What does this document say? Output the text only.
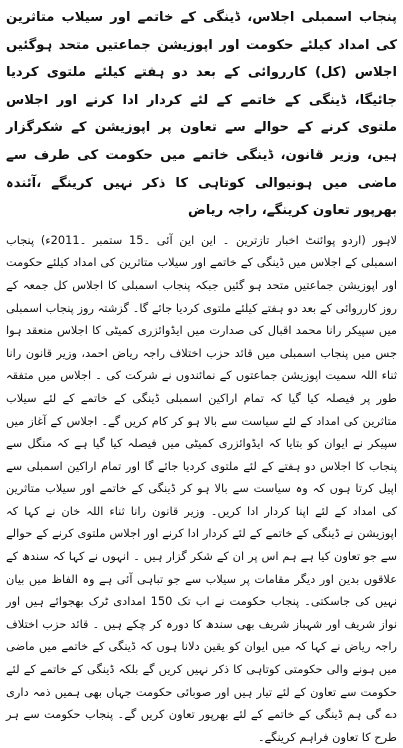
پنجاب اسمبلی اجلاس، ڈینگی کے خاتمے اور سیلاب متاثرین کی امداد کیلئے حکومت اور اپوزیشن جماعتیں متحد ہوگئیں اجلاس (کل) کارروائی کے بعد دو ہفتے کیلئے ملتوی کردیا جائیگا، ڈینگی کے خاتمے کے لئے کردار ادا کرنے اور اجلاس ملتوی کرنے کے حوالے سے تعاون پر اپوزیشن کے شکرگزار ہیں، وزیر قانون، ڈینگی خاتمے میں حکومت کی طرف سے ماضی میں ہونیوالی کوتاہی کا ذکر نہیں کرینگے ،آئندہ بھرپور تعاون کرینگے، راجہ ریاض

لاہور (اردو پوائنٹ اخبار تازترین ۔ این این آئی ۔15 ستمبر ۔2011ء) پنجاب اسمبلی کے اجلاس میں ڈینگی کے خاتمے اور سیلاب متاثرین کی امداد کیلئے حکومت اور اپوزیشن جماعتیں متحد ہو گئیں جبکہ پنجاب اسمبلی کا اجلاس کل جمعہ کے روز کارروائی کے بعد دو ہفتے کیلئے ملتوی کردیا جائے گا۔ گزشتہ روز پنجاب اسمبلی میں سپیکر رانا محمد اقبال کی صدارت میں ایڈوائزری کمیٹی کا اجلاس منعقد ہوا جس میں پنجاب اسمبلی میں قائد حزب اختلاف راجہ ریاض احمد، وزیر قانون رانا ثناء اللہ سمیت اپوزیشن جماعتوں کے نمائندوں نے شرکت کی ۔ اجلاس میں متفقہ طور پر فیصلہ کیا گیا کہ تمام اراکین اسمبلی ڈینگی کے خاتمے کے لئے سیلاب متاثرین کی امداد کے لئے سیاست سے بالا ہو کر کام کریں گے۔ اجلاس کے آغاز میں سپیکر نے ایوان کو بتایا کہ ایڈوائزری کمیٹی میں فیصلہ کیا گیا ہے کہ منگل سے پنجاب کا اجلاس دو ہفتے کے لئے ملتوی کردیا جائے گا اور تمام اراکین اسمبلی سے اپیل کرتا ہوں کہ وہ سیاست سے بالا ہو کر ڈینگی کے خاتمے اور سیلاب متاثرین کی امداد کے لئے اپنا کردار ادا کریں۔ وزیر قانون رانا ثناء اللہ خان نے کہا کہ اپوزیشن نے ڈینگی کے خاتمے کے لئے کردار ادا کرنے اور اجلاس ملتوی کرنے کے حوالے سے جو تعاون کیا ہے ہم اس پر ان کے شکر گزار ہیں ۔ انہوں نے کہا کہ سندھ کے علاقوں بدین اور دیگر مقامات پر سیلاب سے جو تباہی آئی ہے وہ الفاظ میں بیان نہیں کی جاسکتی۔ پنجاب حکومت نے اب تک 150 امدادی ٹرک بھجوائے ہیں اور نواز شریف اور شہباز شریف بھی سندھ کا دورہ کر چکے ہیں ۔ قائد حزب اختلاف راجہ ریاض نے کہا کہ میں ایوان کو یقین دلانا ہوں کہ ڈینگی کے خاتمے میں ماضی میں ہونے والی حکومتی کوتاہی کا ذکر نہیں کریں گے بلکہ ڈینگی کے خاتمے کے لئے حکومت سے تعاون کے لئے تیار ہیں اور صوبائی حکومت جہاں بھی ہمیں ذمہ داری دے گی ہم ڈینگی کے خاتمے کے لئے بھرپور تعاون کریں گے۔ پنجاب حکومت سے ہر طرح کا تعاون فراہم کرینگے۔
